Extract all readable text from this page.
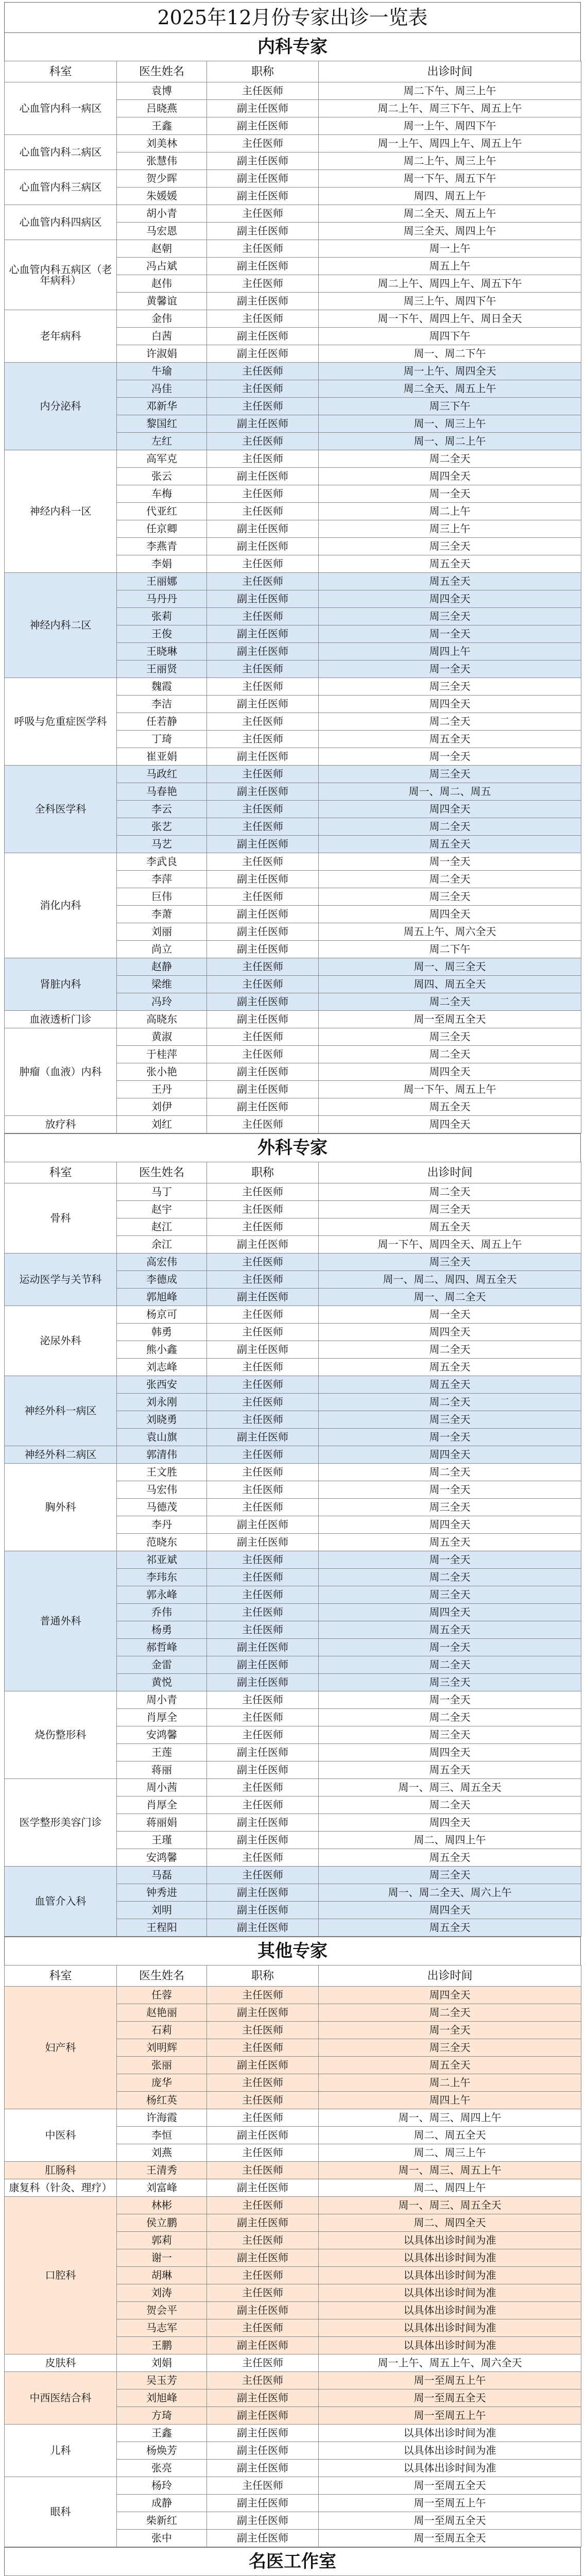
2025年12月份专家出诊一览表
内科专家
科室	医生姓名	职称	出诊时间
心血管内科一病区	袁博	主任医师	周二下午、周三上午
	吕晓燕	副主任医师	周二上午、周三下午、周五上午
	王鑫	副主任医师	周一上午、周四下午
心血管内科二病区	刘美林	主任医师	周一上午、周四上午、周五上午
	张慧伟	副主任医师	周二上午、周三上午
心血管内科三病区	贺少晖	副主任医师	周一下午、周五下午
	朱媛媛	副主任医师	周四、周五上午
心血管内科四病区	胡小青	主任医师	周二全天、周五上午
	马宏恩	副主任医师	周三全天、周四上午
心血管内科五病区（老年病科）	赵朝	主任医师	周一上午
	冯占斌	副主任医师	周五上午
	赵伟	主任医师	周二上午、周四上午、周五下午
	黄馨谊	副主任医师	周三上午、周四下午
老年病科	金伟	主任医师	周一下午、周四上午、周日全天
	白茜	副主任医师	周四下午
	许淑娟	副主任医师	周一、周二下午
内分泌科	牛瑜	主任医师	周一上午、周四全天
	冯佳	主任医师	周二全天、周五上午
	邓新华	主任医师	周三下午
	黎国红	副主任医师	周一、周三上午
	左红	主任医师	周一、周二上午
神经内科一区	高军克	主任医师	周二全天
	张云	副主任医师	周四全天
	车梅	主任医师	周一全天
	代亚红	主任医师	周二上午
	任京卿	副主任医师	周三上午
	李燕青	副主任医师	周三全天
	李娟	主任医师	周五全天
神经内科二区	王丽娜	主任医师	周五全天
	马丹丹	副主任医师	周四全天
	张莉	主任医师	周三全天
	王俊	副主任医师	周一全天
	王晓琳	副主任医师	周四上午
	王丽贤	主任医师	周一全天
呼吸与危重症医学科	魏霞	主任医师	周三全天
	李洁	副主任医师	周四全天
	任若静	主任医师	周二全天
	丁琦	主任医师	周五全天
	崔亚娟	副主任医师	周一全天
全科医学科	马政红	主任医师	周三全天
	马春艳	副主任医师	周一、周二、周五
	李云	主任医师	周四全天
	张艺	主任医师	周二全天
	马艺	副主任医师	周五全天
消化内科	李武良	主任医师	周一全天
	李萍	副主任医师	周二全天
	巨伟	主任医师	周三全天
	李萧	副主任医师	周四全天
	刘丽	副主任医师	周五上午、周六全天
	尚立	副主任医师	周二下午
肾脏内科	赵静	主任医师	周一、周三全天
	梁维	主任医师	周四、周五全天
	冯玲	副主任医师	周二全天
血液透析门诊	高晓东	副主任医师	周一至周五全天
肿瘤（血液）内科	黄淑	主任医师	周三全天
	于桂萍	主任医师	周二全天
	张小艳	副主任医师	周四全天
	王丹	副主任医师	周一下午、周五上午
	刘伊	副主任医师	周五全天
放疗科	刘红	主任医师	周四全天
外科专家
科室	医生姓名	职称	出诊时间
骨科	马丁	主任医师	周二全天
	赵宇	主任医师	周三全天
	赵江	主任医师	周五全天
	余江	副主任医师	周一下午、周四全天、周五上午
运动医学与关节科	高宏伟	主任医师	周三全天
	李德成	主任医师	周一、周二、周四、周五全天
	郭旭峰	副主任医师	周一、周二全天
泌尿外科	杨京可	主任医师	周一全天
	韩勇	主任医师	周四全天
	熊小鑫	副主任医师	周二全天
	刘志峰	主任医师	周五全天
神经外科一病区	张西安	主任医师	周五全天
	刘永刚	主任医师	周二全天
	刘晓勇	主任医师	周三全天
	袁山旗	副主任医师	周一全天
神经外科二病区	郭清伟	主任医师	周四全天
胸外科	王文胜	主任医师	周二全天
	马宏伟	主任医师	周一全天
	马德茂	主任医师	周三全天
	李丹	副主任医师	周四全天
	范晓东	副主任医师	周五全天
普通外科	祁亚斌	主任医师	周一全天
	李玮东	主任医师	周二全天
	郭永峰	主任医师	周三全天
	乔伟	主任医师	周四全天
	杨勇	主任医师	周五全天
	郝哲峰	副主任医师	周一全天
	金雷	副主任医师	周二全天
	黄悦	副主任医师	周三全天
烧伤整形科	周小青	主任医师	周一全天
	肖厚全	主任医师	周二全天
	安鸿馨	主任医师	周三全天
	王莲	副主任医师	周四全天
	蒋丽	副主任医师	周五全天
医学整形美容门诊	周小茜	主任医师	周一、周三、周五全天
	肖厚全	主任医师	周二全天
	蒋丽娟	副主任医师	周四全天
	王瑾	副主任医师	周二、周四上午
	安鸿馨	主任医师	周五全天
血管介入科	马磊	主任医师	周三全天
	钟秀进	副主任医师	周一、周二全天、周六上午
	刘明	副主任医师	周四全天
	王程阳	副主任医师	周五全天
其他专家
科室	医生姓名	职称	出诊时间
妇产科	任蓉	主任医师	周四全天
	赵艳丽	副主任医师	周二全天
	石莉	主任医师	周一全天
	刘明辉	主任医师	周三全天
	张丽	副主任医师	周五全天
	庞华	主任医师	周二上午
	杨红英	主任医师	周四上午
中医科	许海霞	主任医师	周一、周三、周四上午
	李恒	副主任医师	周二、周五全天
	刘燕	主任医师	周二、周三上午
肛肠科	王清秀	主任医师	周一、周三、周五上午
康复科（针灸、理疗）	刘富峰	副主任医师	周二、周四上午
口腔科	林彬	主任医师	周一、周三、周五全天
	侯立鹏	副主任医师	周二、周四全天
	郭莉	主任医师	以具体出诊时间为准
	谢一	副主任医师	以具体出诊时间为准
	胡琳	主任医师	以具体出诊时间为准
	刘涛	主任医师	以具体出诊时间为准
	贺会平	副主任医师	以具体出诊时间为准
	马志军	主任医师	以具体出诊时间为准
	王鹏	副主任医师	以具体出诊时间为准
皮肤科	刘娟	主任医师	周一上午、周五上午、周六全天
中西医结合科	吴玉芳	主任医师	周一至周五上午
	刘旭峰	副主任医师	周一至周五全天
	方琦	副主任医师	周一至周五上午
儿科	王鑫	副主任医师	以具体出诊时间为准
	杨焕芳	副主任医师	以具体出诊时间为准
	张亮	副主任医师	以具体出诊时间为准
眼科	杨玲	主任医师	周一至周五全天
	成静	副主任医师	周一至周五上午
	柴新红	副主任医师	周一至周五全天
	张中	副主任医师	周一至周五全天
名医工作室
